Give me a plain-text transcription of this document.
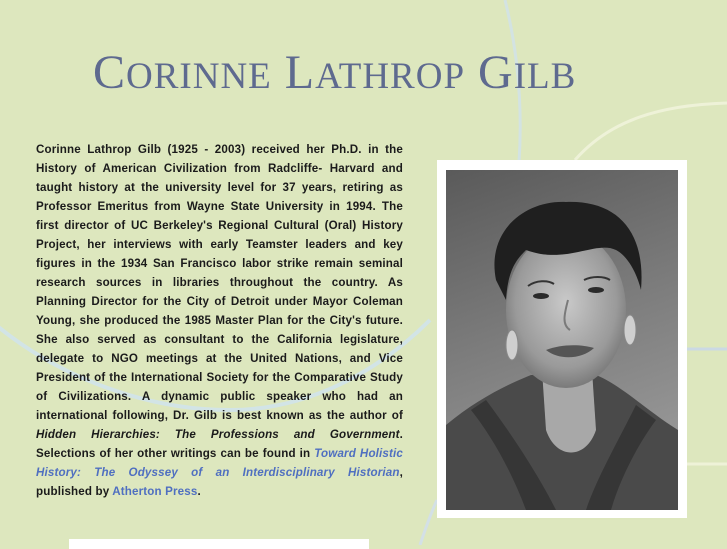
CORINNE LATHROP GILB

Corinne Lathrop Gilb (1925 - 2003) received her Ph.D. in the History of American Civilization from Radcliffe- Harvard and taught history at the university level for 37 years, retiring as Professor Emeritus from Wayne State University in 1994. The first director of UC Berkeley's Regional Cultural (Oral) History Project, her interviews with early Teamster leaders and key figures in the 1934 San Francisco labor strike remain seminal research sources in libraries throughout the country. As Planning Director for the City of Detroit under Mayor Coleman Young, she produced the 1985 Master Plan for the City's future. She also served as consultant to the California legislature, delegate to NGO meetings at the United Nations, and Vice President of the International Society for the Comparative Study of Civilizations. A dynamic public speaker who had an international following, Dr. Gilb is best known as the author of Hidden Hierarchies: The Professions and Government. Selections of her other writings can be found in Toward Holistic History: The Odyssey of an Interdisciplinary Historian, published by Atherton Press.
